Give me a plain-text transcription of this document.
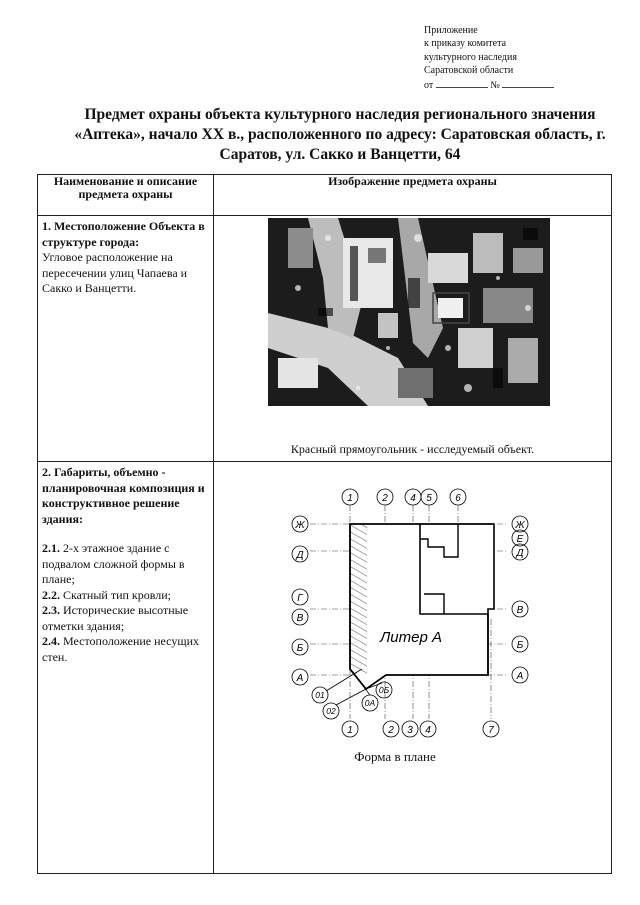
Приложение
к приказу комитета
культурного наследия
Саратовской области
от	№
Предмет охраны объекта культурного наследия регионального значения «Аптека», начало XX в., расположенного по адресу: Саратовская область, г. Саратов, ул. Сакко и Ванцетти, 64
Наименование и описание предмета охраны	Изображение предмета охраны

1. Местоположение Объекта в структуре города:
Угловое расположение на пересечении улиц Чапаева и Сакко и Ванцетти.	Красный прямоугольник - исследуемый объект.

2. Габариты, объемно - планировочная композиция и конструктивное решение здания:
2.1. 2-х этажное здание с подвалом сложной формы в плане;
2.2. Скатный тип кровли;
2.3. Исторические высотные отметки здания;
2.4. Местоположение несущих стен.	

Литер А
1	2 4 5 6
1	2 3 4	7
Ж
Д
Г
В
Б
А
Ж
Е
Д
В
Б
А
01
02
0А
0Б
Форма в плане
